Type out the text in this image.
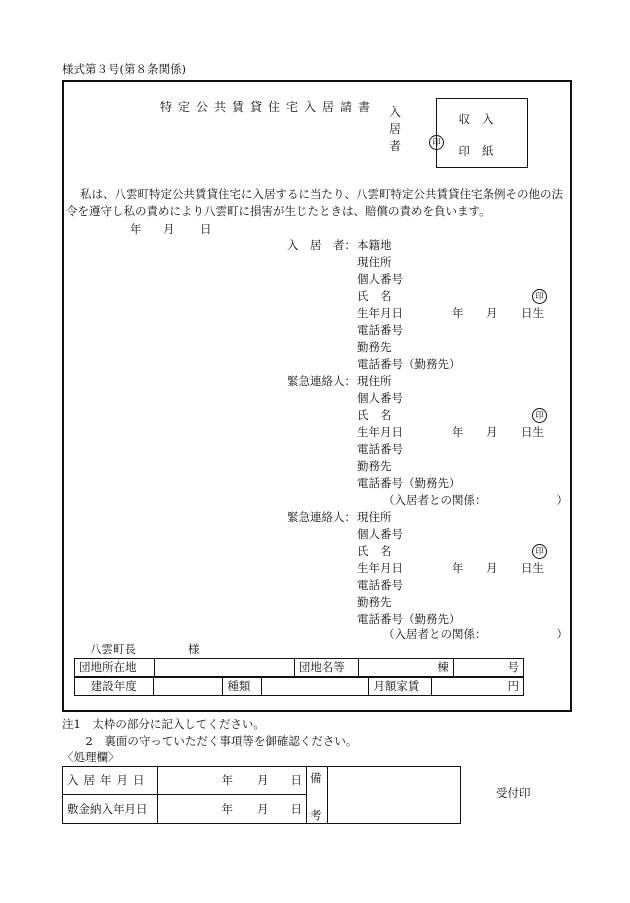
様式第３号(第８条関係)
特定公共賃貸住宅入居請書 入
居
者	印
収入
印紙
私は、八雲町特定公共賃貸住宅に入居するに当たり、八雲町特定公共賃貸住宅条例その他の法
令を遵守し私の責めにより八雲町に損害が生じたときは、賠償の責めを負います。
年 月 日
入　居　者： 本籍地
現住所
個人番号
氏　名	印
生年月日	年 月 日生
電話番号
勤務先
電話番号（勤務先）
緊急連絡人： 現住所
個人番号
氏　名	印
生年月日	年 月 日生
電話番号
勤務先
電話番号（勤務先）
（入居者との関係：	）
緊急連絡人： 現住所
個人番号
氏　名	印
生年月日	年 月 日生
電話番号
勤務先
電話番号（勤務先）
（入居者との関係：	）
八雲町長	様
団地所在地		団地名等	棟	号
建設年度		種類		月額家賃	円
注1　太枠の部分に記入してください。
　2　裏面の守っていただく事項等を御確認ください。
〈処理欄〉
入居年月日	年 月 日	備
考	

敷金納入年月日	年 月 日		
受付印
